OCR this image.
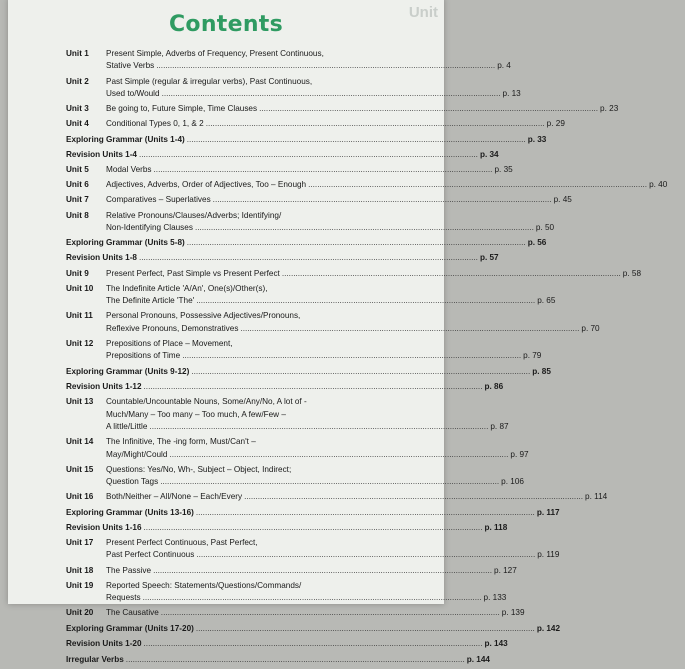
Unit
Contents
Unit 1	Present Simple, Adverbs of Frequency, Present Continuous,
Stative Verbs .....	p. 4
Unit 2	Past Simple (regular & irregular verbs), Past Continuous,
Used to/Would .....	p. 13
Unit 3	Be going to, Future Simple, Time Clauses .....	p. 23
Unit 4	Conditional Types 0, 1, & 2 .....	p. 29
Exploring Grammar (Units 1-4) .....	p. 33
Revision Units 1-4 .....	p. 34
Unit 5	Modal Verbs .....	p. 35
Unit 6	Adjectives, Adverbs, Order of Adjectives, Too – Enough .....	p. 40
Unit 7	Comparatives – Superlatives .....	p. 45
Unit 8	Relative Pronouns/Clauses/Adverbs; Identifying/
Non-Identifying Clauses .....	p. 50
Exploring Grammar (Units 5-8) .....	p. 56
Revision Units 1-8 .....	p. 57
Unit 9	Present Perfect, Past Simple vs Present Perfect .....	p. 58
Unit 10	The Indefinite Article 'A/An', One(s)/Other(s),
The Definite Article 'The' .....	p. 65
Unit 11	Personal Pronouns, Possessive Adjectives/Pronouns,
Reflexive Pronouns, Demonstratives .....	p. 70
Unit 12	Prepositions of Place – Movement,
Prepositions of Time .....	p. 79
Exploring Grammar (Units 9-12) .....	p. 85
Revision Units 1-12 .....	p. 86
Unit 13	Countable/Uncountable Nouns, Some/Any/No, A lot of -
Much/Many – Too many – Too much, A few/Few –
A little/Little .....	p. 87
Unit 14	The Infinitive, The -ing form, Must/Can't –
May/Might/Could .....	p. 97
Unit 15	Questions: Yes/No, Wh-, Subject – Object, Indirect;
Question Tags .....	p. 106
Unit 16	Both/Neither – All/None – Each/Every .....	p. 114
Exploring Grammar (Units 13-16) .....	p. 117
Revision Units 1-16 .....	p. 118
Unit 17	Present Perfect Continuous, Past Perfect,
Past Perfect Continuous .....	p. 119
Unit 18	The Passive .....	p. 127
Unit 19	Reported Speech: Statements/Questions/Commands/
Requests .....	p. 133
Unit 20	The Causative .....	p. 139
Exploring Grammar (Units 17-20) .....	p. 142
Revision Units 1-20 .....	p. 143
Irregular Verbs .....	p. 144
